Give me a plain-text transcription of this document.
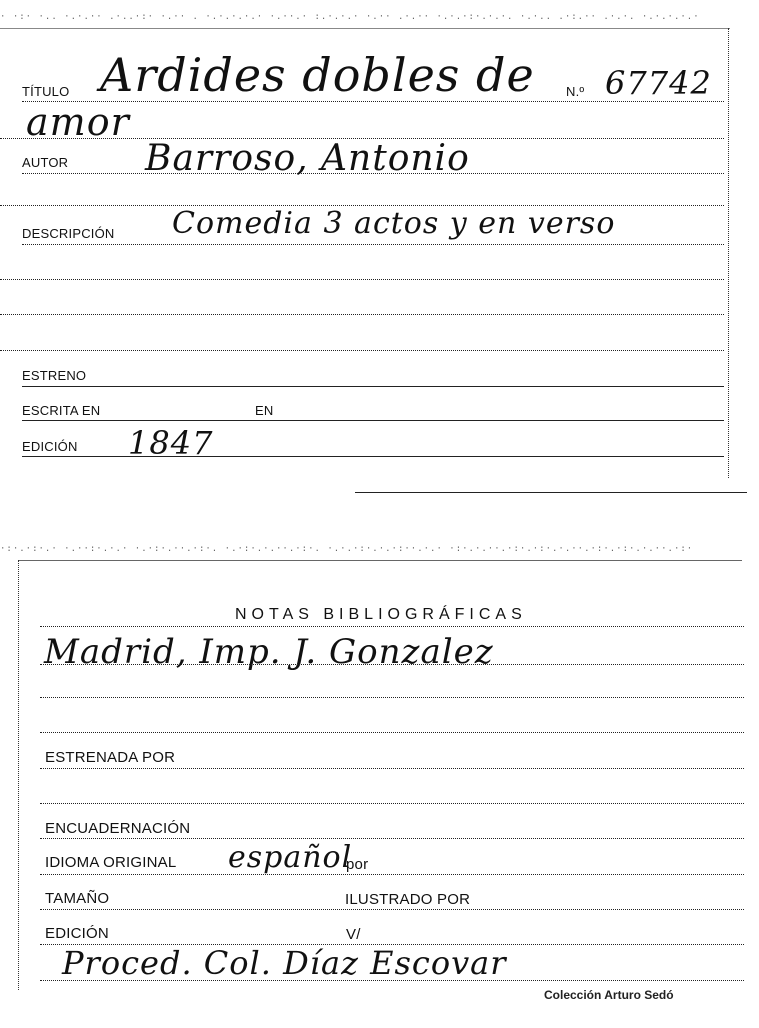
· ·:· ·.. ·.·.·· .·..·:· ·.·· . ·.·.·.·.· ·.··.· :.·.·.· ·.·· .·.·· ·.·.·:·.·.·. ·.·.. .·:.·· .·.·. ·.·.·.·.·
TÍTULO Ardides dobles de N.º 67742
amor
AUTOR Barroso, Antonio
DESCRIPCIÓN Comedia 3 actos y en verso
ESTRENO
ESCRITA EN	EN
EDICIÓN 1847
·:·.·:·.· ·.··:·.·.· ·.·:·.··.·:·. ·.·:·.·.··.·:·. ·.·.·:·.·.·:··.·.· ·:·.·.··.·:·.·:·.·.··.·:·.·:·.·.··.·:·
NOTAS BIBLIOGRÁFICAS
Madrid, Imp. J. Gonzalez
ESTRENADA POR
ENCUADERNACIÓN
IDIOMA ORIGINAL español
por
TAMAÑO	ILUSTRADO POR
EDICIÓN	V/
Proced. Col. Díaz Escovar
Colección Arturo Sedó
